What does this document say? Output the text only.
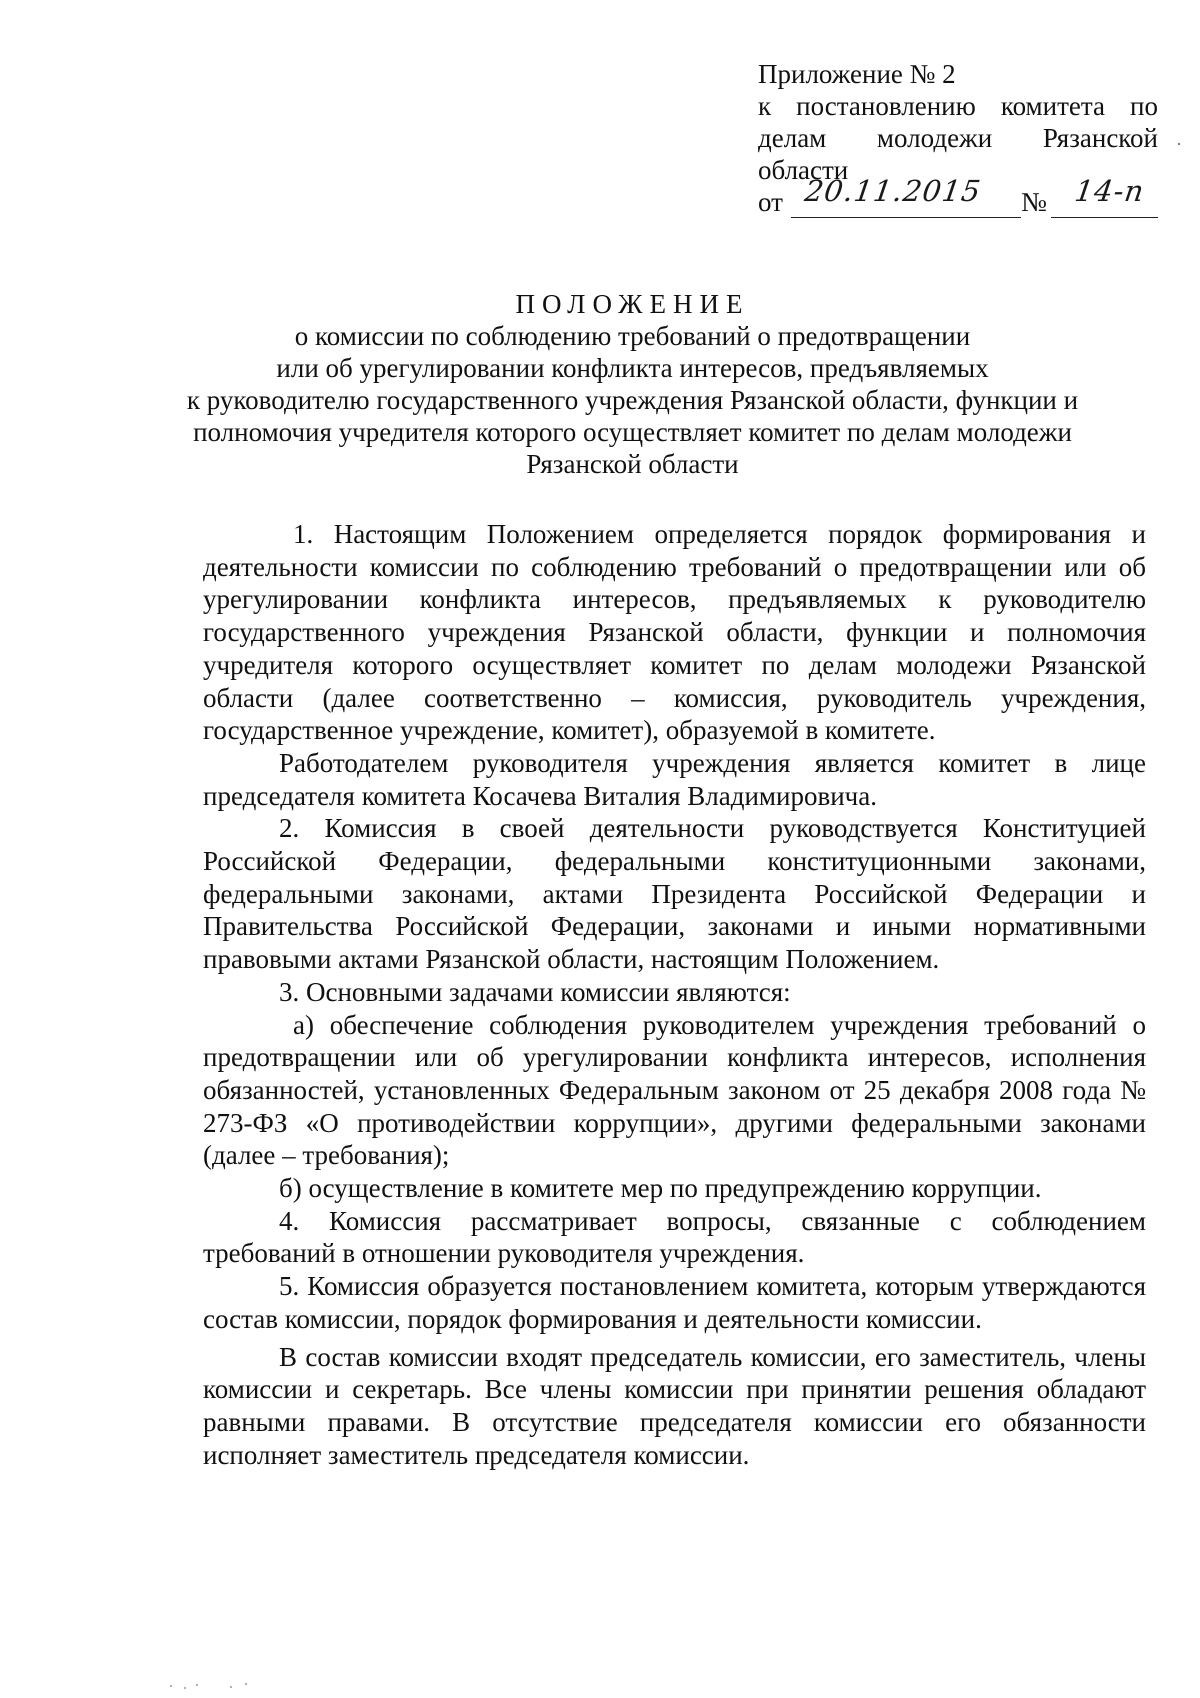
Приложение № 2
к постановлению комитета по
делам молодежи Рязанской
области
от 20.11.2015 № 14-п
·
ПОЛОЖЕНИЕ
о комиссии по соблюдению требований о предотвращении
или об урегулировании конфликта интересов, предъявляемых
к руководителю государственного учреждения Рязанской области, функции и
полномочия учредителя которого осуществляет комитет по делам молодежи
Рязанской области

1. Настоящим Положением определяется порядок формирования и деятельности комиссии по соблюдению требований о предотвращении или об урегулировании конфликта интересов, предъявляемых к руководителю государственного учреждения Рязанской области, функции и полномочия учредителя которого осуществляет комитет по делам молодежи Рязанской области (далее соответственно – комиссия, руководитель учреждения, государственное учреждение, комитет), образуемой в комитете.

Работодателем руководителя учреждения является комитет в лице председателя комитета Косачева Виталия Владимировича.

2. Комиссия в своей деятельности руководствуется Конституцией Российской Федерации, федеральными конституционными законами, федеральными законами, актами Президента Российской Федерации и Правительства Российской Федерации, законами и иными нормативными правовыми актами Рязанской области, настоящим Положением.

3. Основными задачами комиссии являются:

а) обеспечение соблюдения руководителем учреждения требований о предотвращении или об урегулировании конфликта интересов, исполнения обязанностей, установленных Федеральным законом от 25 декабря 2008 года № 273-ФЗ «О противодействии коррупции», другими федеральными законами (далее – требования);

б) осуществление в комитете мер по предупреждению коррупции.

4. Комиссия рассматривает вопросы, связанные с соблюдением требований в отношении руководителя учреждения.

5. Комиссия образуется постановлением комитета, которым утверждаются состав комиссии, порядок формирования и деятельности комиссии.

В состав комиссии входят председатель комиссии, его заместитель, члены комиссии и секретарь. Все члены комиссии при принятии решения обладают равными правами. В отсутствие председателя комиссии его обязанности исполняет заместитель председателя комиссии.
